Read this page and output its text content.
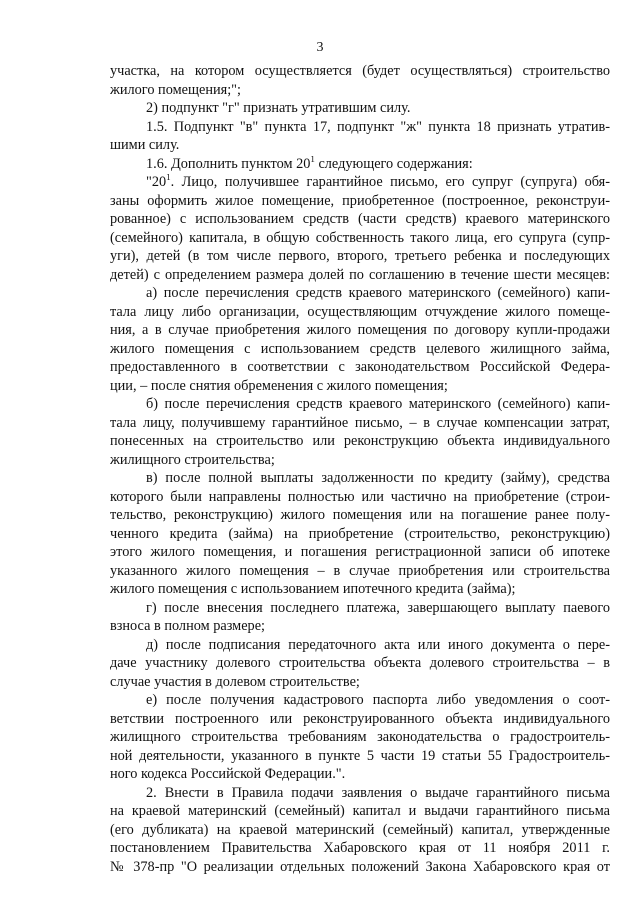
3
участка, на котором осуществляется (будет осуществляться) строительство
жилого помещения;";
2) подпункт "г" признать утратившим силу.
1.5. Подпункт "в" пункта 17, подпункт "ж" пункта 18 признать утратив-
шими силу.
1.6. Дополнить пунктом $20^1$ следующего содержания:
"$20^1$. Лицо, получившее гарантийное письмо, его супруг (супруга) обя-
заны оформить жилое помещение, приобретенное (построенное, реконструи-
рованное) с использованием средств (части средств) краевого материнского
(семейного) капитала, в общую собственность такого лица, его супруга (супр-
уги), детей (в том числе первого, второго, третьего ребенка и последующих
детей) с определением размера долей по соглашению в течение шести месяцев:
а) после перечисления средств краевого материнского (семейного) капи-
тала лицу либо организации, осуществляющим отчуждение жилого помеще-
ния, а в случае приобретения жилого помещения по договору купли-продажи
жилого помещения с использованием средств целевого жилищного займа,
предоставленного в соответствии с законодательством Российской Федера-
ции, – после снятия обременения с жилого помещения;
б) после перечисления средств краевого материнского (семейного) капи-
тала лицу, получившему гарантийное письмо, – в случае компенсации затрат,
понесенных на строительство или реконструкцию объекта индивидуального
жилищного строительства;
в) после полной выплаты задолженности по кредиту (займу), средства
которого были направлены полностью или частично на приобретение (строи-
тельство, реконструкцию) жилого помещения или на погашение ранее полу-
ченного кредита (займа) на приобретение (строительство, реконструкцию)
этого жилого помещения, и погашения регистрационной записи об ипотеке
указанного жилого помещения – в случае приобретения или строительства
жилого помещения с использованием ипотечного кредита (займа);
г) после внесения последнего платежа, завершающего выплату паевого
взноса в полном размере;
д) после подписания передаточного акта или иного документа о пере-
даче участнику долевого строительства объекта долевого строительства – в
случае участия в долевом строительстве;
е) после получения кадастрового паспорта либо уведомления о соот-
ветствии построенного или реконструированного объекта индивидуального
жилищного строительства требованиям законодательства о градостроитель-
ной деятельности, указанного в пункте 5 части 19 статьи 55 Градостроитель-
ного кодекса Российской Федерации.".
2. Внести в Правила подачи заявления о выдаче гарантийного письма
на краевой материнский (семейный) капитал и выдачи гарантийного письма
(его дубликата) на краевой материнский (семейный) капитал, утвержденные
постановлением Правительства Хабаровского края от 11 ноября 2011 г.
№ 378-пр "О реализации отдельных положений Закона Хабаровского края от
